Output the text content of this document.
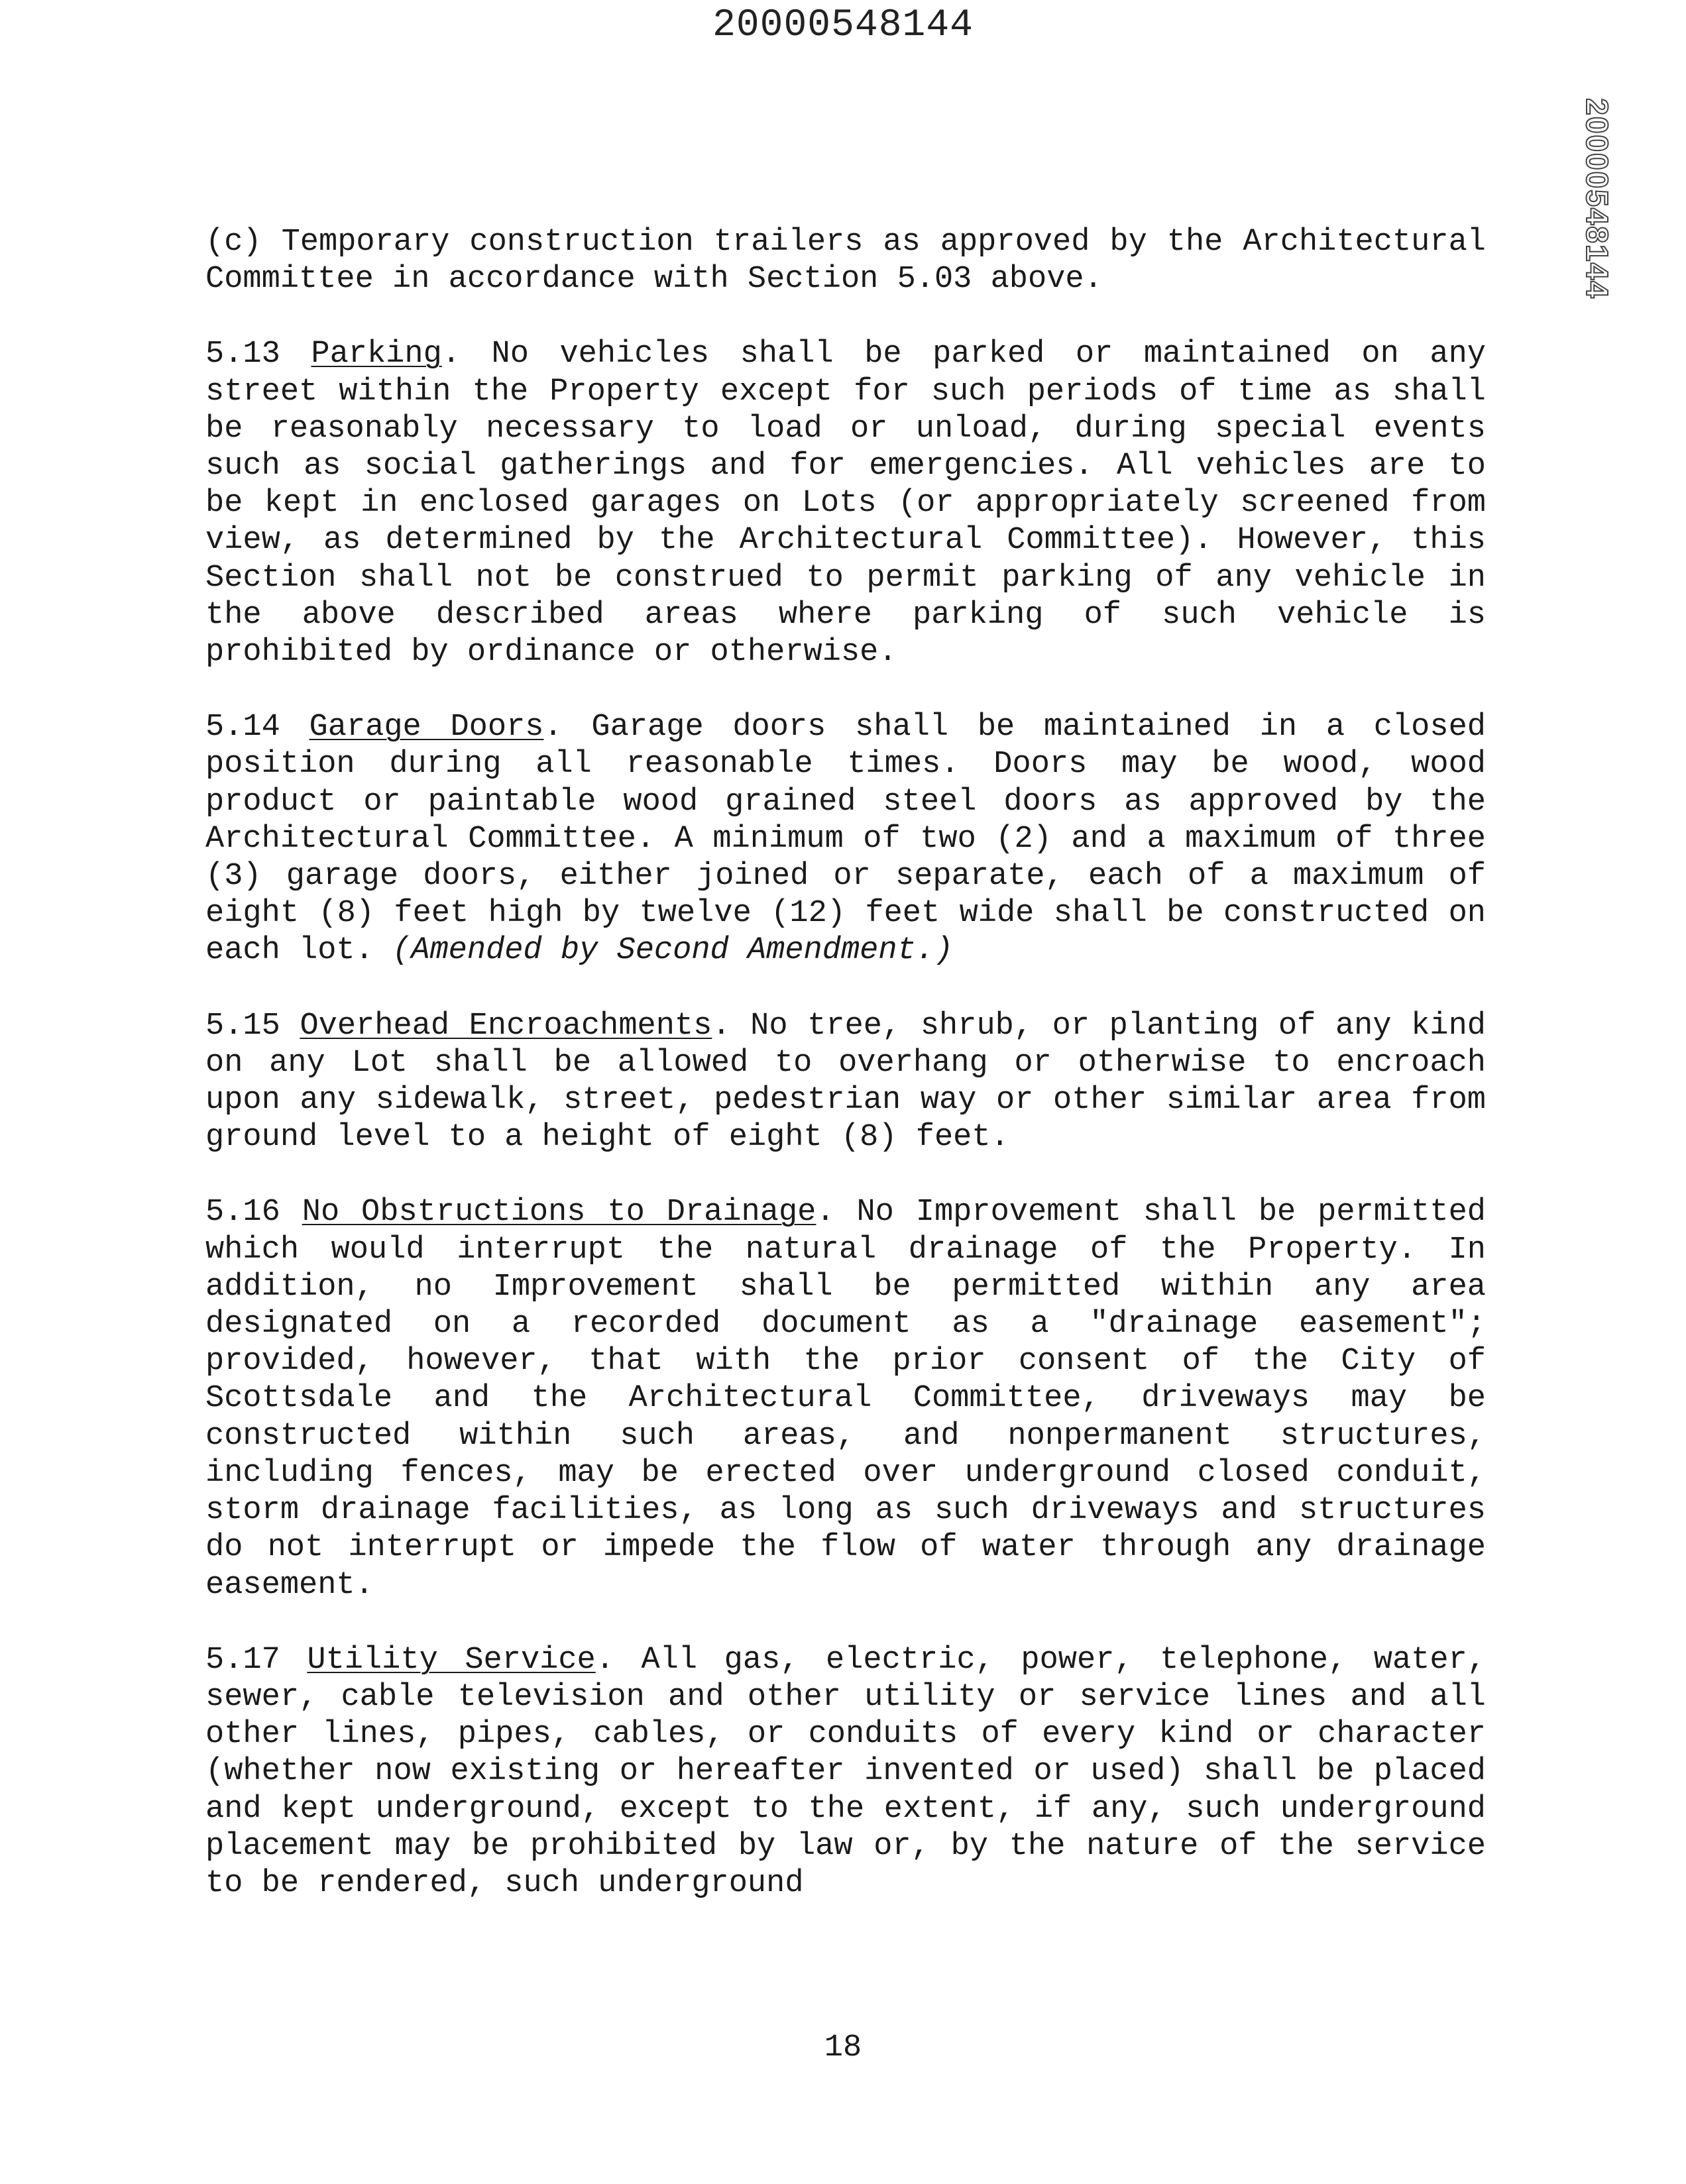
20000548144
20000548144

(c) Temporary construction trailers as approved by the Architectural Committee in accordance with Section 5.03 above.

5.13 Parking. No vehicles shall be parked or maintained on any street within the Property except for such periods of time as shall be reasonably necessary to load or unload, during special events such as social gatherings and for emergencies. All vehicles are to be kept in enclosed garages on Lots (or appropriately screened from view, as determined by the Architectural Committee). However, this Section shall not be construed to permit parking of any vehicle in the above described areas where parking of such vehicle is prohibited by ordinance or otherwise.

5.14 Garage Doors. Garage doors shall be maintained in a closed position during all reasonable times. Doors may be wood, wood product or paintable wood grained steel doors as approved by the Architectural Committee. A minimum of two (2) and a maximum of three (3) garage doors, either joined or separate, each of a maximum of eight (8) feet high by twelve (12) feet wide shall be constructed on each lot. (Amended by Second Amendment.)

5.15 Overhead Encroachments. No tree, shrub, or planting of any kind on any Lot shall be allowed to overhang or otherwise to encroach upon any sidewalk, street, pedestrian way or other similar area from ground level to a height of eight (8) feet.

5.16 No Obstructions to Drainage. No Improvement shall be permitted which would interrupt the natural drainage of the Property. In addition, no Improvement shall be permitted within any area designated on a recorded document as a "drainage easement"; provided, however, that with the prior consent of the City of Scottsdale and the Architectural Committee, driveways may be constructed within such areas, and nonpermanent structures, including fences, may be erected over underground closed conduit, storm drainage facilities, as long as such driveways and structures do not interrupt or impede the flow of water through any drainage easement.

5.17 Utility Service. All gas, electric, power, telephone, water, sewer, cable television and other utility or service lines and all other lines, pipes, cables, or conduits of every kind or character (whether now existing or hereafter invented or used) shall be placed and kept underground, except to the extent, if any, such underground placement may be prohibited by law or, by the nature of the service to be rendered, such underground

18
